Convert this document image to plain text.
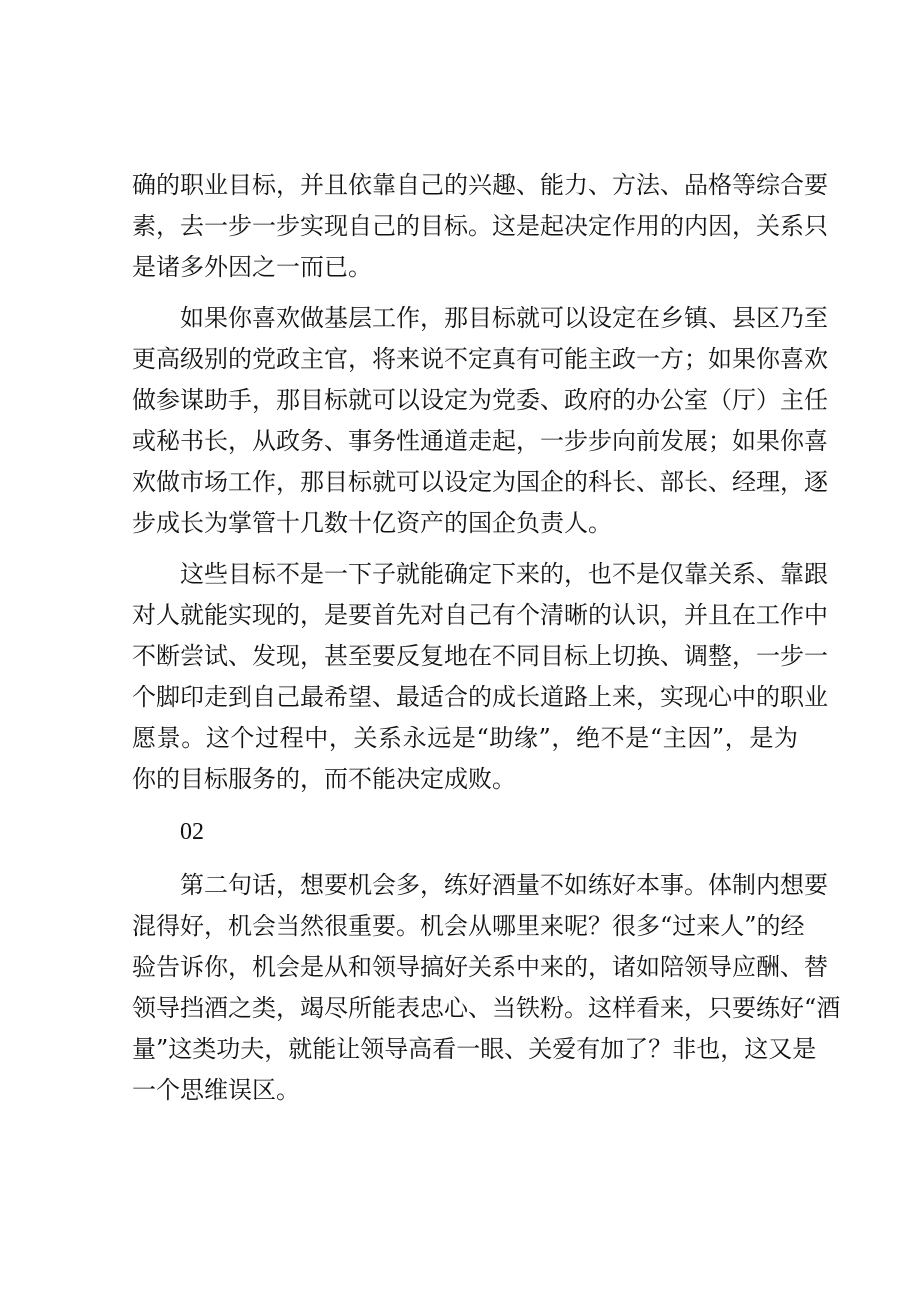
确的职业目标，并且依靠自己的兴趣、能力、方法、品格等综合要
素，去一步一步实现自己的目标。这是起决定作用的内因，关系只
是诸多外因之一而已。
如果你喜欢做基层工作，那目标就可以设定在乡镇、县区乃至
更高级别的党政主官，将来说不定真有可能主政一方；如果你喜欢
做参谋助手，那目标就可以设定为党委、政府的办公室（厅）主任
或秘书长，从政务、事务性通道走起，一步步向前发展；如果你喜
欢做市场工作，那目标就可以设定为国企的科长、部长、经理，逐
步成长为掌管十几数十亿资产的国企负责人。
这些目标不是一下子就能确定下来的，也不是仅靠关系、靠跟
对人就能实现的，是要首先对自己有个清晰的认识，并且在工作中
不断尝试、发现，甚至要反复地在不同目标上切换、调整，一步一
个脚印走到自己最希望、最适合的成长道路上来，实现心中的职业
愿景。这个过程中，关系永远是“助缘”，绝不是“主因”，是为
你的目标服务的，而不能决定成败。
02
第二句话，想要机会多，练好酒量不如练好本事。体制内想要
混得好，机会当然很重要。机会从哪里来呢？很多“过来人”的经
验告诉你，机会是从和领导搞好关系中来的，诸如陪领导应酬、替
领导挡酒之类，竭尽所能表忠心、当铁粉。这样看来，只要练好“酒
量”这类功夫，就能让领导高看一眼、关爱有加了？非也，这又是
一个思维误区。
